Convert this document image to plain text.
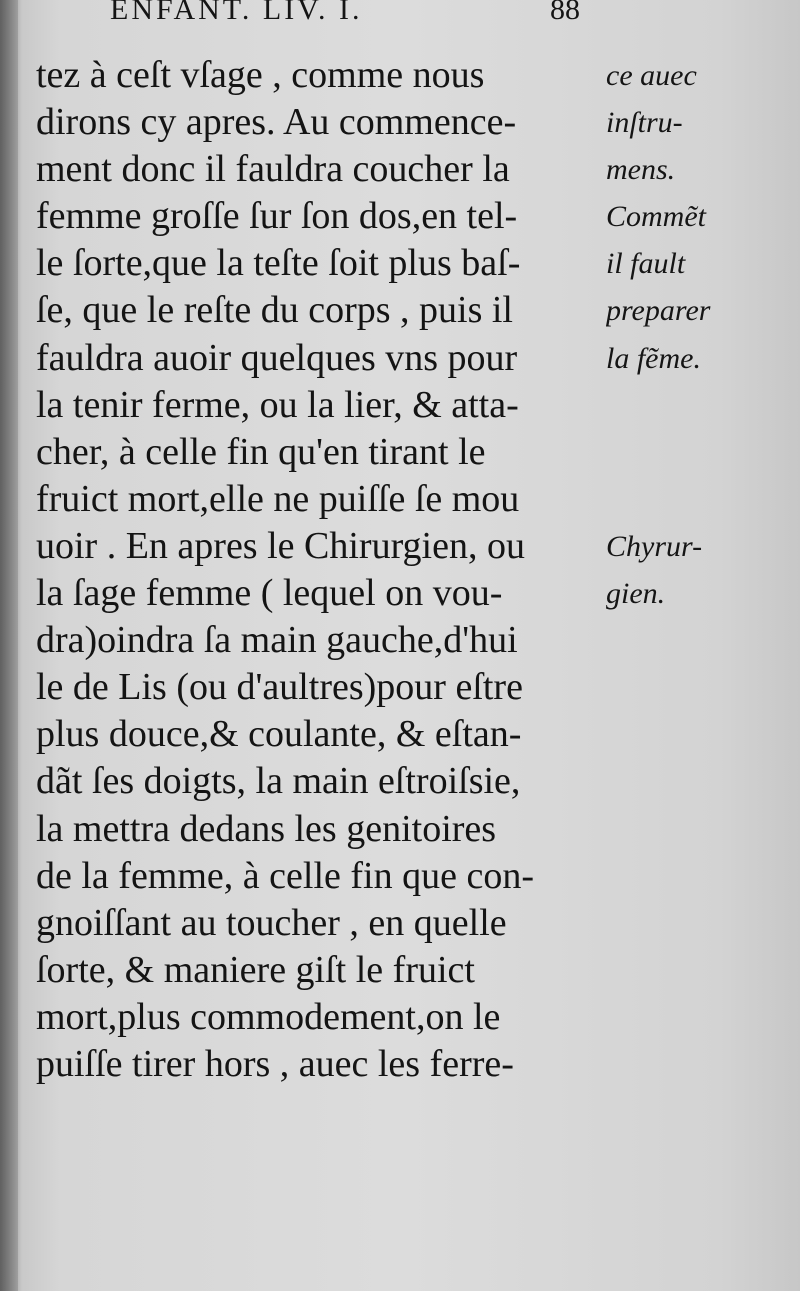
ENFANT. LIV. I.	88
tez à ceſt vſage , comme nous
dirons cy apres. Au commence-
ment donc il fauldra coucher la
femme groſſe ſur ſon dos,en tel-
le ſorte,que la teſte ſoit plus baſ-
ſe, que le reſte du corps , puis il
fauldra auoir quelques vns pour
la tenir ferme, ou la lier, & atta-
cher, à celle fin qu'en tirant le
fruict mort,elle ne puiſſe ſe mou
uoir . En apres le Chirurgien, ou
la ſage femme ( lequel on vou-
dra)oindra ſa main gauche,d'hui
le de Lis (ou d'aultres)pour eſtre
plus douce,& coulante, & eſtan-
dãt ſes doigts, la main eſtroiſsie,
la mettra dedans les genitoires
de la femme, à celle fin que con-
gnoiſſant au toucher , en quelle
ſorte, & maniere giſt le fruict
mort,plus commodement,on le
puiſſe tirer hors , auec les ferre-
ce auec
inſtru-
mens.
Commẽt
il fault
preparer
la fẽme.
Chyrur-
gien.
